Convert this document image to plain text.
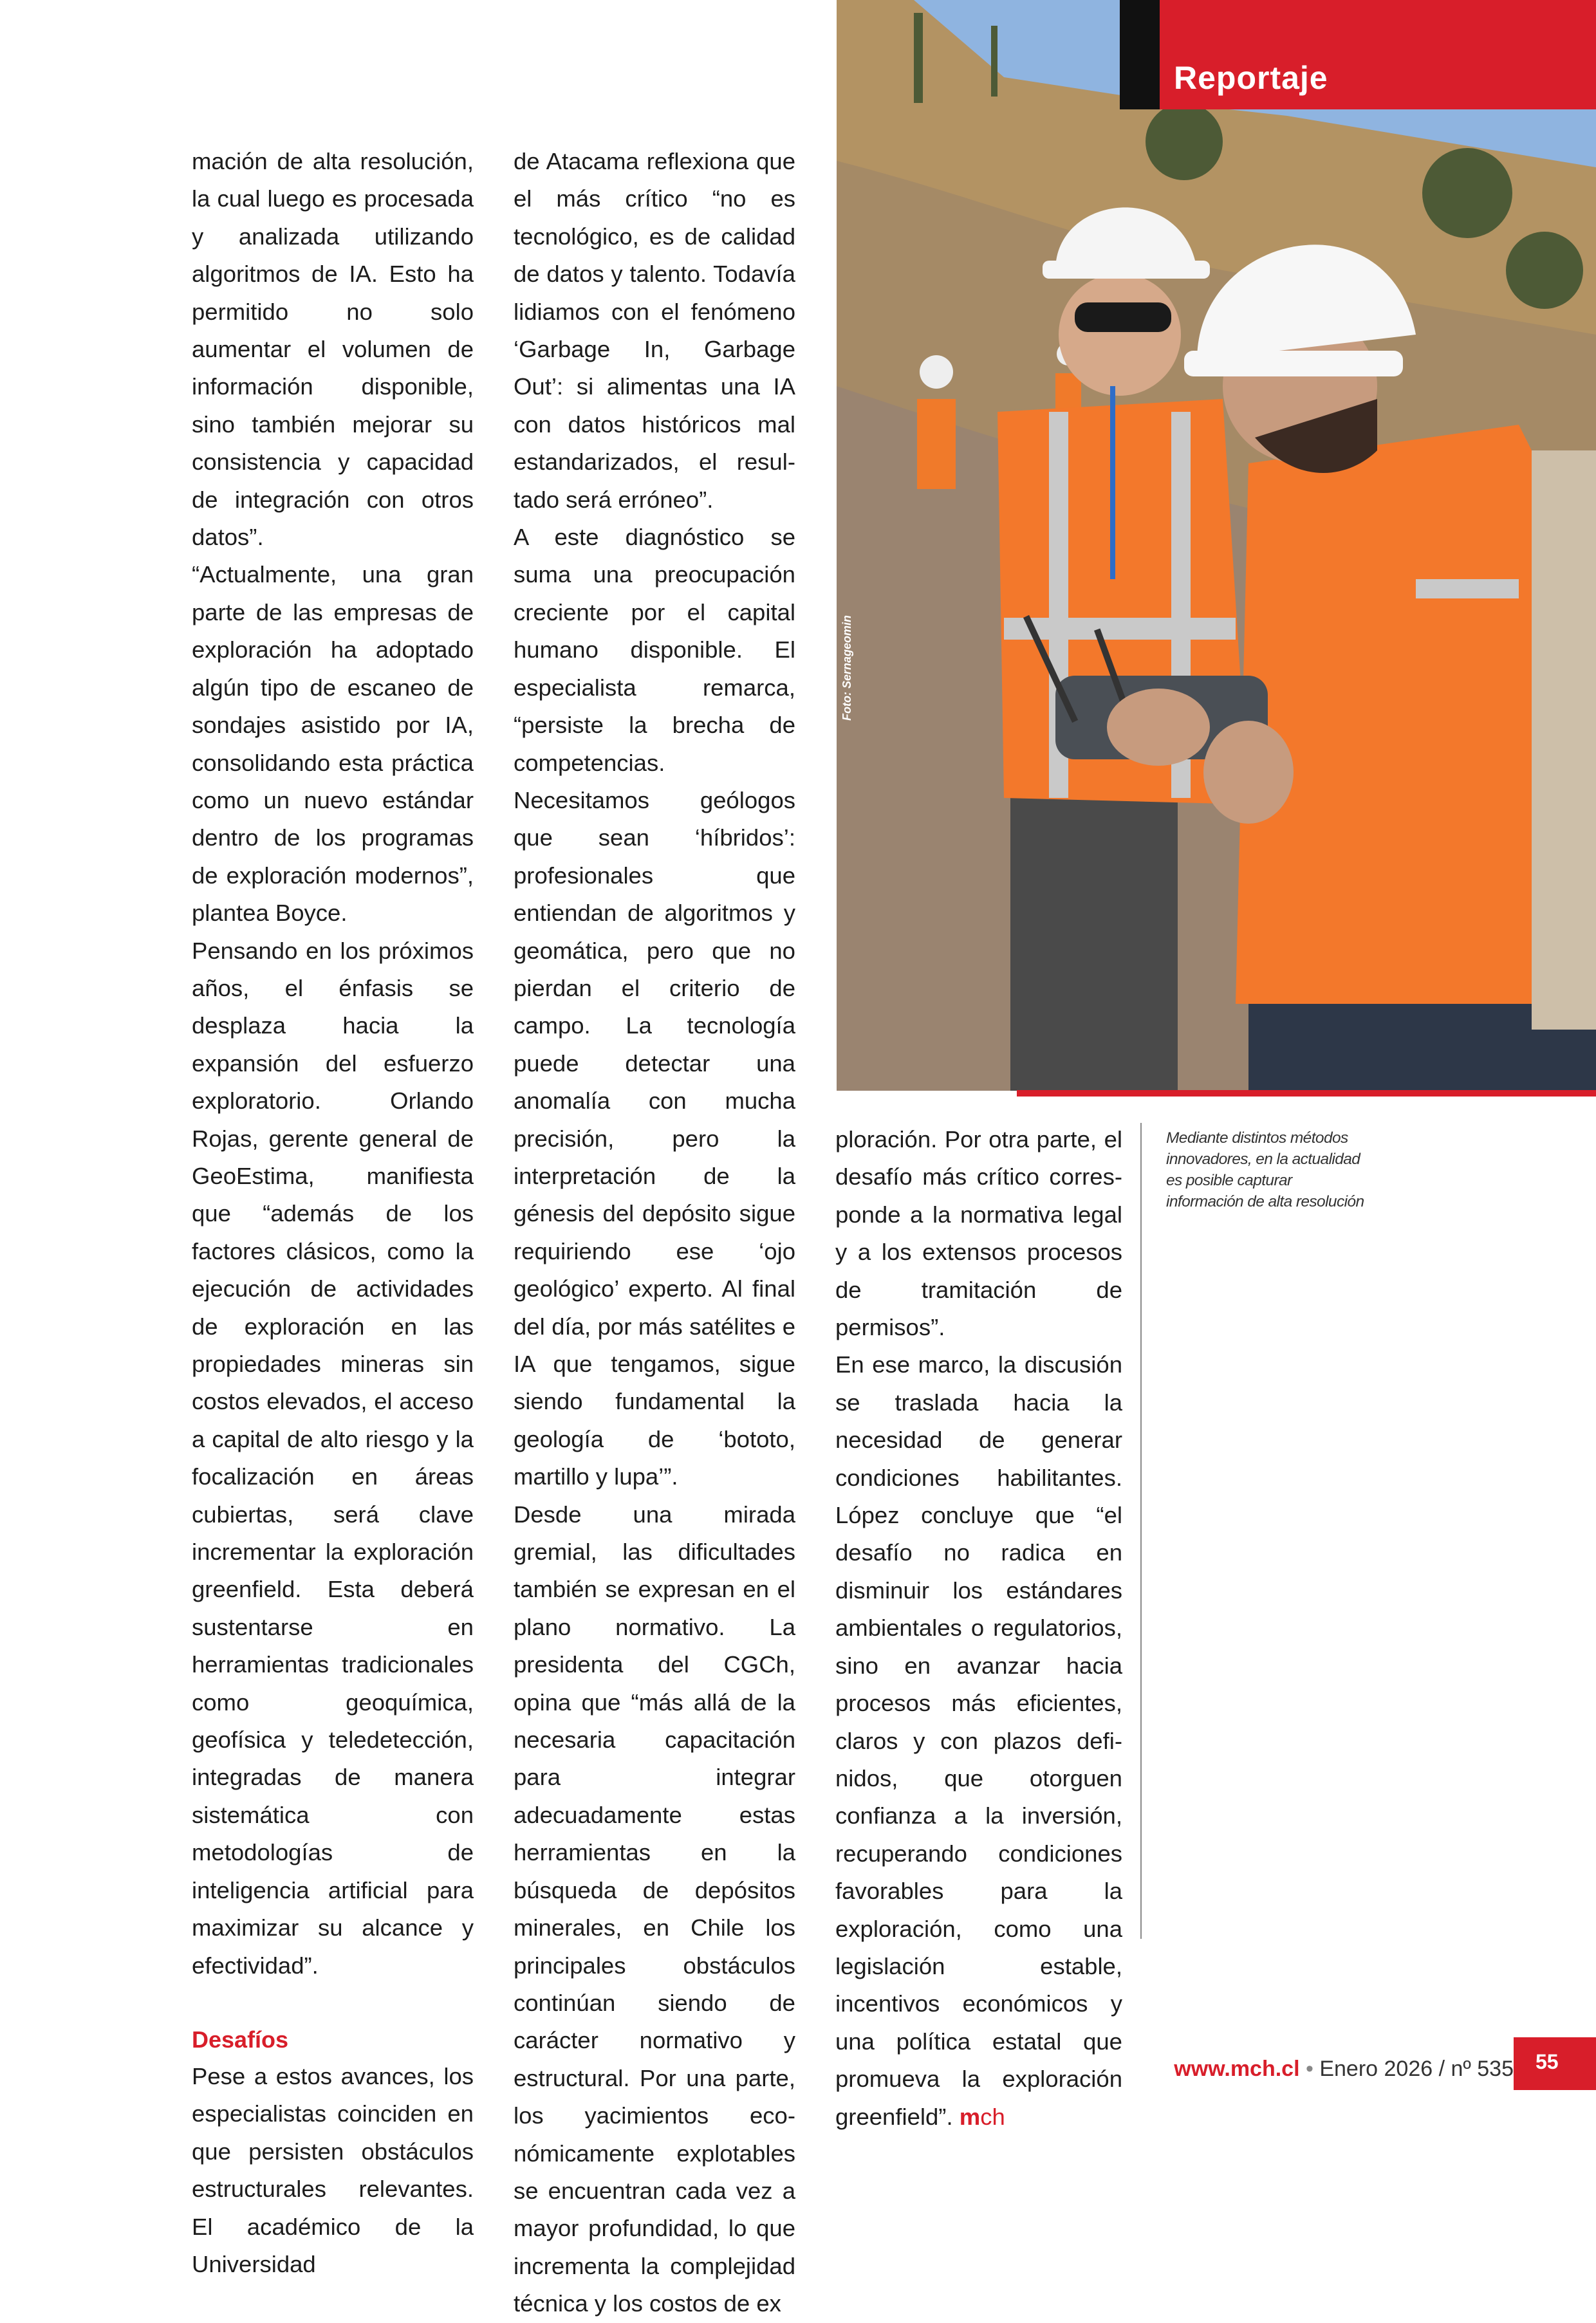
Foto: Sernageomin
Reportaje

mación de alta resolución, la cual luego es procesada y analizada utilizando algoritmos de IA. Esto ha permitido no solo aumentar el volumen de información disponible, sino también mejorar su consistencia y capacidad de integración con otros datos”.

“Actualmente, una gran parte de las empresas de exploración ha adoptado algún tipo de escaneo de sondajes asistido por IA, consolidando esta práctica como un nuevo estándar dentro de los programas de exploración modernos”, plantea Boyce.

Pensando en los próximos años, el énfasis se desplaza hacia la expansión del esfuerzo exploratorio. Orlando Rojas, gerente general de GeoEstima, manifiesta que “además de los factores clásicos, como la ejecución de actividades de exploración en las propiedades mineras sin costos elevados, el acceso a capital de alto riesgo y la focalización en áreas cubiertas, será clave incrementar la exploración greenfield. Esta deberá sustentarse en herramientas tradicionales como geoquímica, geofísica y teledetección, integradas de manera sistemática con metodologías de inteligencia artificial para maximizar su alcance y efectividad”.

Desafíos

Pese a estos avances, los especialistas coinciden en que persisten obstáculos estructurales relevantes. El académico de la Universidad

de Atacama reflexiona que el más crítico “no es tecnológico, es de calidad de datos y talento. Todavía lidiamos con el fenómeno ‘Garbage In, Garbage Out’: si alimentas una IA con datos históricos mal estandarizados, el resultado será erróneo”.

A este diagnóstico se suma una preocupación creciente por el capital humano disponible. El especialista remarca, “persiste la brecha de competencias. Necesitamos geólogos que sean ‘híbridos’: profesionales que entiendan de algoritmos y geomática, pero que no pierdan el criterio de campo. La tecnología puede detectar una anomalía con mucha precisión, pero la interpretación de la génesis del depósito sigue requiriendo ese ‘ojo geológico’ experto. Al final del día, por más satélites e IA que tengamos, sigue siendo fundamental la geología de ‘bototo, martillo y lupa’”.

Desde una mirada gremial, las dificultades también se expresan en el plano normativo. La presidenta del CGCh, opina que “más allá de la necesaria capacitación para integrar adecuadamente estas herramientas en la búsqueda de depósitos minerales, en Chile los principales obstáculos continúan siendo de carácter normativo y estructural. Por una parte, los yacimientos económicamente explotables se encuentran cada vez a mayor profundidad, lo que incrementa la complejidad técnica y los costos de ex

ploración. Por otra parte, el desafío más crítico corresponde a la normativa legal y a los extensos procesos de tramitación de permisos”.

En ese marco, la discusión se traslada hacia la necesidad de generar condiciones habilitantes. López concluye que “el desafío no radica en disminuir los estándares ambientales o regulatorios, sino en avanzar hacia procesos más eficientes, claros y con plazos definidos, que otorguen confianza a la inversión, recuperando condiciones favorables para la exploración, como una legislación estable, incentivos económicos y una política estatal que promueva la exploración greenfield”. mch

Mediante distintos métodos innovadores, en la actualidad es posible capturar información de alta resolución
www.mch.cl • Enero 2026 / nº 535 55
